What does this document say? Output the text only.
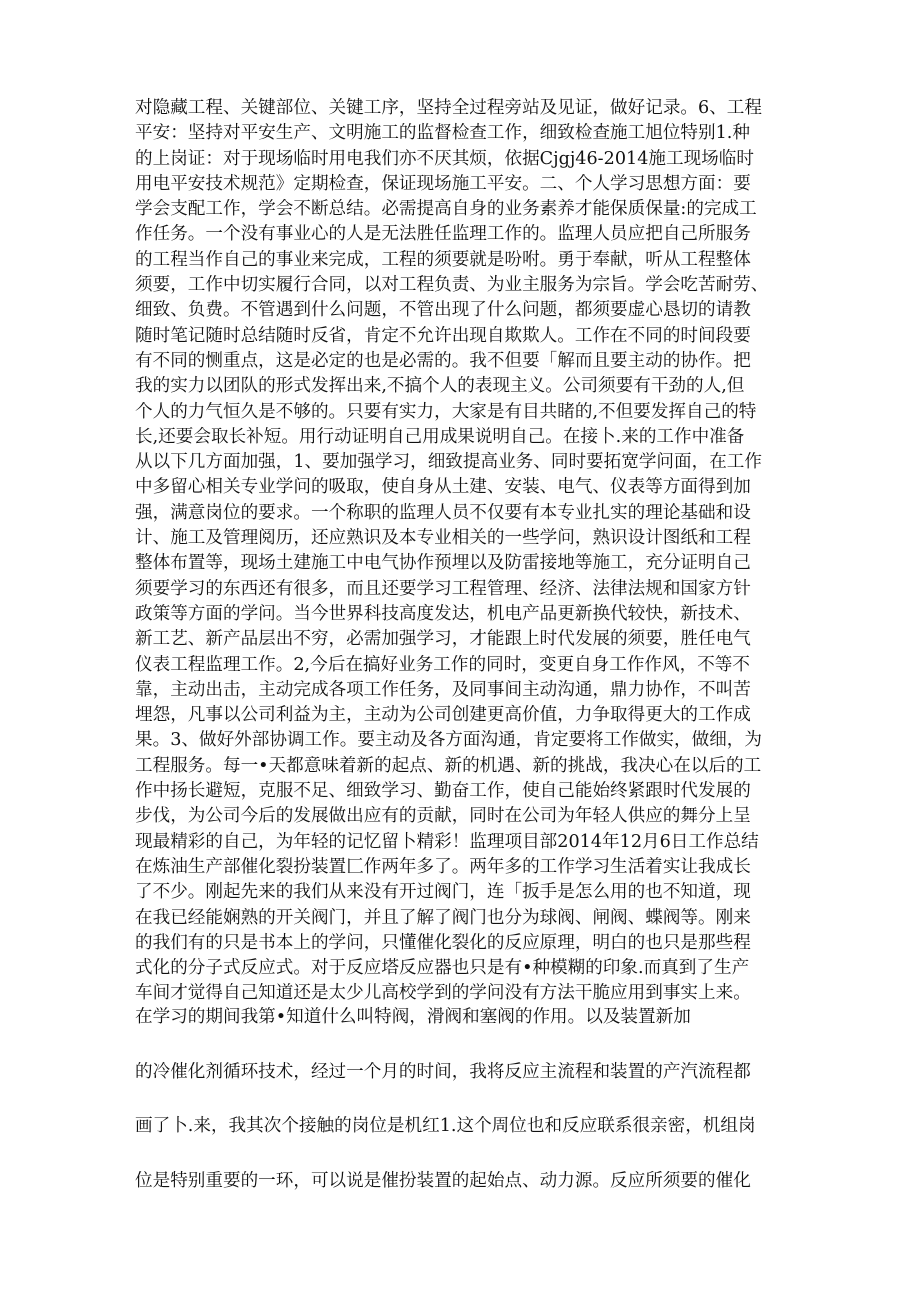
对隐藏工程、关键部位、关键工序，坚持全过程旁站及见证，做好记录。6、工程
平安：坚持对平安生产、文明施工的监督检查工作，细致检查施工旭位特别1.种
的上岗证：对于现场临时用电我们亦不厌其烦，依据Cjgj46-2014施工现场临时
用电平安技术规范》定期检查，保证现场施工平安。二、个人学习思想方面：要
学会支配工作，学会不断总结。必需提高自身的业务素养才能保质保量:的完成工
作任务。一个没有事业心的人是无法胜任监理工作的。监理人员应把自己所服务
的工程当作自己的事业来完成，工程的须要就是吩咐。勇于奉献，听从工程整体
须要，工作中切实履行合同，以对工程负责、为业主服务为宗旨。学会吃苦耐劳、
细致、负费。不管遇到什么问题，不管出现了什么问题，都须要虚心恳切的请教
随时笔记随时总结随时反省，肯定不允许出现自欺欺人。工作在不同的时间段要
有不同的恻重点，这是必定的也是必需的。我不但要「解而且要主动的协作。把
我的实力以团队的形式发挥出来,不搞个人的表现主义。公司须要有干劲的人,但
个人的力气恒久是不够的。只要有实力，大家是有目共睹的,不但要发挥自己的特
长,还要会取长补短。用行动证明自己用成果说明自己。在接卜.来的工作中准备
从以下几方面加强，1、要加强学习，细致提高业务、同时要拓宽学问面，在工作
中多留心相关专业学问的吸取，使自身从土建、安装、电气、仪表等方面得到加
强，满意岗位的要求。一个称职的监理人员不仅要有本专业扎实的理论基础和设
计、施工及管理阅历，还应熟识及本专业相关的一些学问，熟识设计图纸和工程
整体布置等，现场土建施工中电气协作预埋以及防雷接地等施工，充分证明自己
须要学习的东西还有很多，而且还要学习工程管理、经济、法律法规和国家方针
政策等方面的学问。当今世界科技高度发达，机电产品更新换代较快，新技术、
新工艺、新产品层出不穷，必需加强学习，才能跟上时代发展的须要，胜任电气
仪表工程监理工作。2,今后在搞好业务工作的同时，变更自身工作作风，不等不
靠，主动出击，主动完成各项工作任务，及同事间主动沟通，鼎力协作，不叫苦
埋怨，凡事以公司利益为主，主动为公司创建更高价值，力争取得更大的工作成
果。3、做好外部协调工作。要主动及各方面沟通，肯定要将工作做实，做细，为
工程服务。每一•天都意味着新的起点、新的机遇、新的挑战，我决心在以后的工
作中扬长避短，克服不足、细致学习、勤奋工作，使自己能始终紧跟时代发展的
步伐，为公司今后的发展做出应有的贡献，同时在公司为年轻人供应的舞分上呈
现最精彩的自己，为年轻的记忆留卜精彩！监理项目部2014年12月6日工作总结
在炼油生产部催化裂扮装置匚作两年多了。两年多的工作学习生活着实让我成长
了不少。刚起先来的我们从来没有开过阀门，连「扳手是怎么用的也不知道，现
在我已经能娴熟的开关阀门，并且了解了阀门也分为球阀、闸阀、蝶阀等。刚来
的我们有的只是书本上的学问，只懂催化裂化的反应原理，明白的也只是那些程
式化的分子式反应式。对于反应塔反应器也只是有•种模糊的印象.而真到了生产
车间才觉得自己知道还是太少儿高校学到的学问没有方法干脆应用到事实上来。
在学习的期间我第•知道什么叫特阀，滑阀和塞阀的作用。以及装置新加
的冷催化剂循环技术，经过一个月的时间，我将反应主流程和装置的产汽流程都
画了卜.来，我其次个接触的岗位是机红1.这个周位也和反应联系很亲密，机组岗
位是特别重要的一环，可以说是催扮装置的起始点、动力源。反应所须要的催化
